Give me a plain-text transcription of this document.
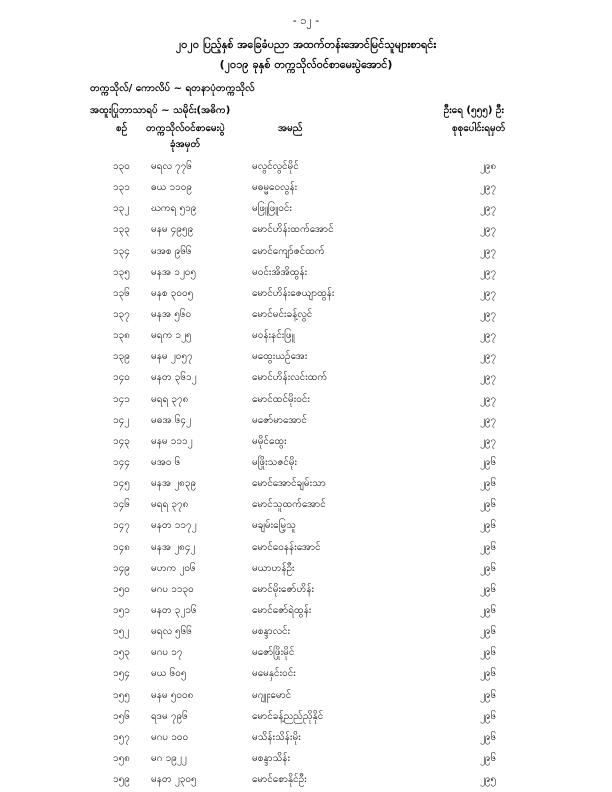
- ၁၂ -
၂၀၂၀ ပြည့်နှစ် အခြေခံပညာ အထက်တန်းအောင်မြင်သူများစာရင်း
(၂၀၁၉ ခုနှစ် တက္ကသိုလ်ဝင်စာမေးပွဲအောင်)
တက္ကသိုလ်/ ကောလိပ် ~ ရတနာပုံတက္ကသိုလ်
အထူးပြုဘာသာရပ် ~ သမိုင်း(အဓိက)	ဦးရေ (၅၅၅) ဦး
စဉ် တက္ကသိုလ်ဝင်စာမေးပွဲ
ခုံအမှတ်
အမည်	စုစုပေါင်းရမှတ်
၁၃၀	မရလ ၇၇၆	မလွင်လွင်မိုင်	၂၉၈
၁၃၁	ဓယ ၁၁၀၉	မဓမ္မဝေလွန်း	၂၉၇
၁၃၂	ဃကရ ၅၁၉	မဖြူဖြူဝင်း	၂၉၇
၁၃၃	မနမ ၄၉၅၉	မောင်ဟိန်းထက်အောင်	၂၉၇
၁၃၄	မအစ ၉၆၆	မောင်ကျော်ဇင်ထက်	၂၉၇
၁၃၅	မနအ ၁၂၀၅	မဝင်းအိအိထွန်း	၂၉၇
၁၃၆	မနစ ၃၀၀၅	မောင်ဟိန်းဇေယျာထွန်း	၂၉၇
၁၃၇	မနအ ၅၆၀	မောင်မင်းခန့်လွင်	၂၉၇
၁၃၈	မရက ၁၂၅	မဝန်းနင်းဖြူ	၂၉၇
၁၃၉	မနမ ၂၀၅၇	မထွေးယဉ်အေး	၂၉၇
၁၄၀	မနတ ၃၆၁၂	မောင်ဟိန်းလင်းထက်	၂၉၇
၁၄၁	မရရ ၃၇၈	မောင်ထင်မိုးဝင်း	၂၉၇
၁၄၂	မဓအ ၆၄၂	မဇော်မာအောင်	၂၉၇
၁၄၃	မနမ ၁၁၁၂	မမိုင်ထွေး	၂၉၇
၁၄၄	မအဝ ၆	မဖြိုးသဇင်မိုး	၂၉၆
၁၄၅	မနအ ၂၈၃၉	မောင်အောင်ချမ်းသာ	၂၉၆
၁၄၆	မရရ ၃၇၈	မောင်သူထက်အောင်	၂၉၆
၁၄၇	မနတ ၁၁၇၂	မချမ်းမြေ့သူ	၂၉၆
၁၄၈	မနအ ၂၈၄၂	မောင်ဝေနန်းအောင်	၂၉၆
၁၄၉	မဟက ၂၀၆	မယာဟန်ဦး	၂၉၆
၁၅၀	မဂပ ၁၁၃၀	မောင်မိုးဇော်ဟိန်း	၂၉၆
၁၅၁	မနတ ၃၂၁၆	မောင်ဇော်ရဲထွန်း	၂၉၆
၁၅၂	မရလ ၅၆၆	မစန္ဒာလင်း	၂၉၆
၁၅၃	မဂပ ၁၇	မဇော်ဖြိုးမိုင်	၂၉၆
၁၅၄	မယ ၆၀၅	မမေနှင်းဝင်း	၂၉၆
၁၅၅	မနမ ၅၀၀၈	မဂျူးမောင်	၂၉၆
၁၅၆	ရဒမ ၇၉၆	မောင်ခန့်ညည်ညိုနိုင်	၂၉၆
၁၅၇	မဂပ ၁၀၀	မသိန်းသိန်းမိုး	၂၉၆
၁၅၈	မဂ ၁၉၂၂	မစန္ဒာသိန်း	၂၉၆
၁၅၉	မနတ ၂၃၀၅	မောင်စောနိုင်ဦး	၂၉၅
